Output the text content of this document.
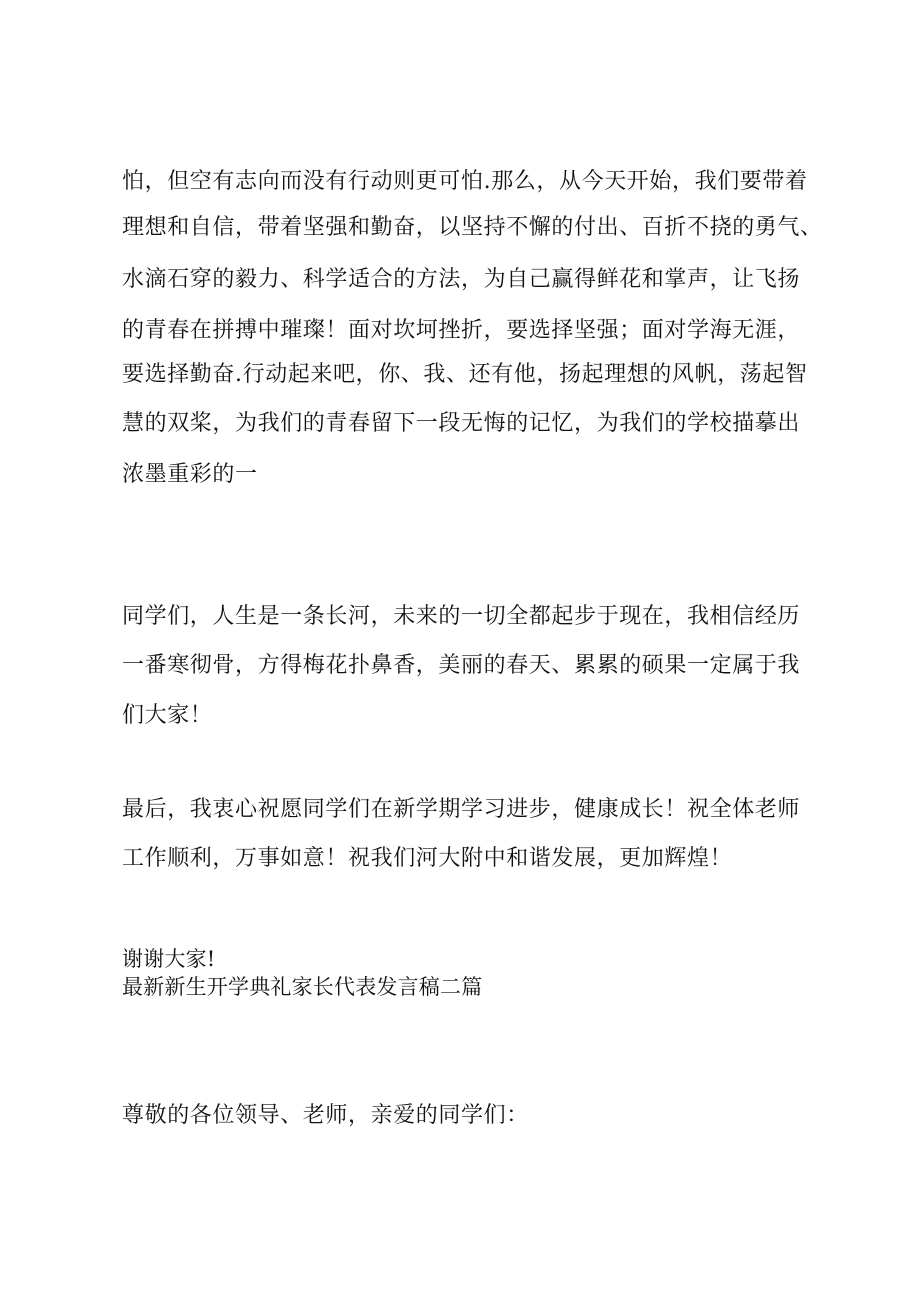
怕，但空有志向而没有行动则更可怕.那么，从今天开始，我们要带着
理想和自信，带着坚强和勤奋，以坚持不懈的付出、百折不挠的勇气、
水滴石穿的毅力、科学适合的方法，为自己赢得鲜花和掌声，让飞扬
的青春在拼搏中璀璨！面对坎坷挫折，要选择坚强；面对学海无涯，
要选择勤奋.行动起来吧，你、我、还有他，扬起理想的风帆，荡起智
慧的双桨，为我们的青春留下一段无悔的记忆，为我们的学校描摹出
浓墨重彩的一
同学们，人生是一条长河，未来的一切全都起步于现在，我相信经历
一番寒彻骨，方得梅花扑鼻香，美丽的春天、累累的硕果一定属于我
们大家！
最后，我衷心祝愿同学们在新学期学习进步，健康成长！祝全体老师
工作顺利，万事如意！祝我们河大附中和谐发展，更加辉煌！
谢谢大家!
最新新生开学典礼家长代表发言稿二篇
尊敬的各位领导、老师，亲爱的同学们：
